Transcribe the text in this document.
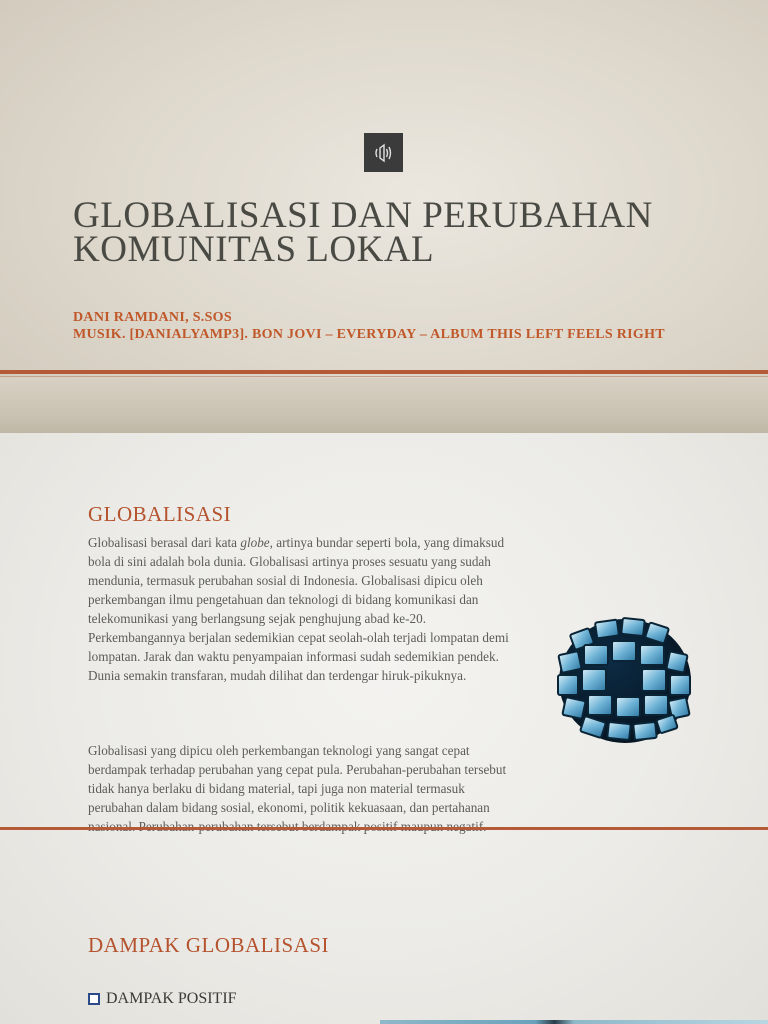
GLOBALISASI DAN PERUBAHAN
KOMUNITAS LOKAL
DANI RAMDANI, S.SOS
MUSIK. [DANIALYAMP3]. BON JOVI – EVERYDAY – ALBUM THIS LEFT FEELS RIGHT
GLOBALISASI
Globalisasi berasal dari kata globe, artinya bundar seperti bola, yang dimaksud bola di sini adalah bola dunia. Globalisasi artinya proses sesuatu yang sudah mendunia, termasuk perubahan sosial di Indonesia. Globalisasi dipicu oleh perkembangan ilmu pengetahuan dan teknologi di bidang komunikasi dan telekomunikasi yang berlangsung sejak penghujung abad ke-20. Perkembangannya berjalan sedemikian cepat seolah-olah terjadi lompatan demi lompatan. Jarak dan waktu penyampaian informasi sudah sedemikian pendek. Dunia semakin transfaran, mudah dilihat dan terdengar hiruk-pikuknya.
Globalisasi yang dipicu oleh perkembangan teknologi yang sangat cepat berdampak terhadap perubahan yang cepat pula. Perubahan-perubahan tersebut tidak hanya berlaku di bidang material, tapi juga non material termasuk perubahan dalam bidang sosial, ekonomi, politik kekuasaan, dan pertahanan
DAMPAK GLOBALISASI
DAMPAK POSITIF
